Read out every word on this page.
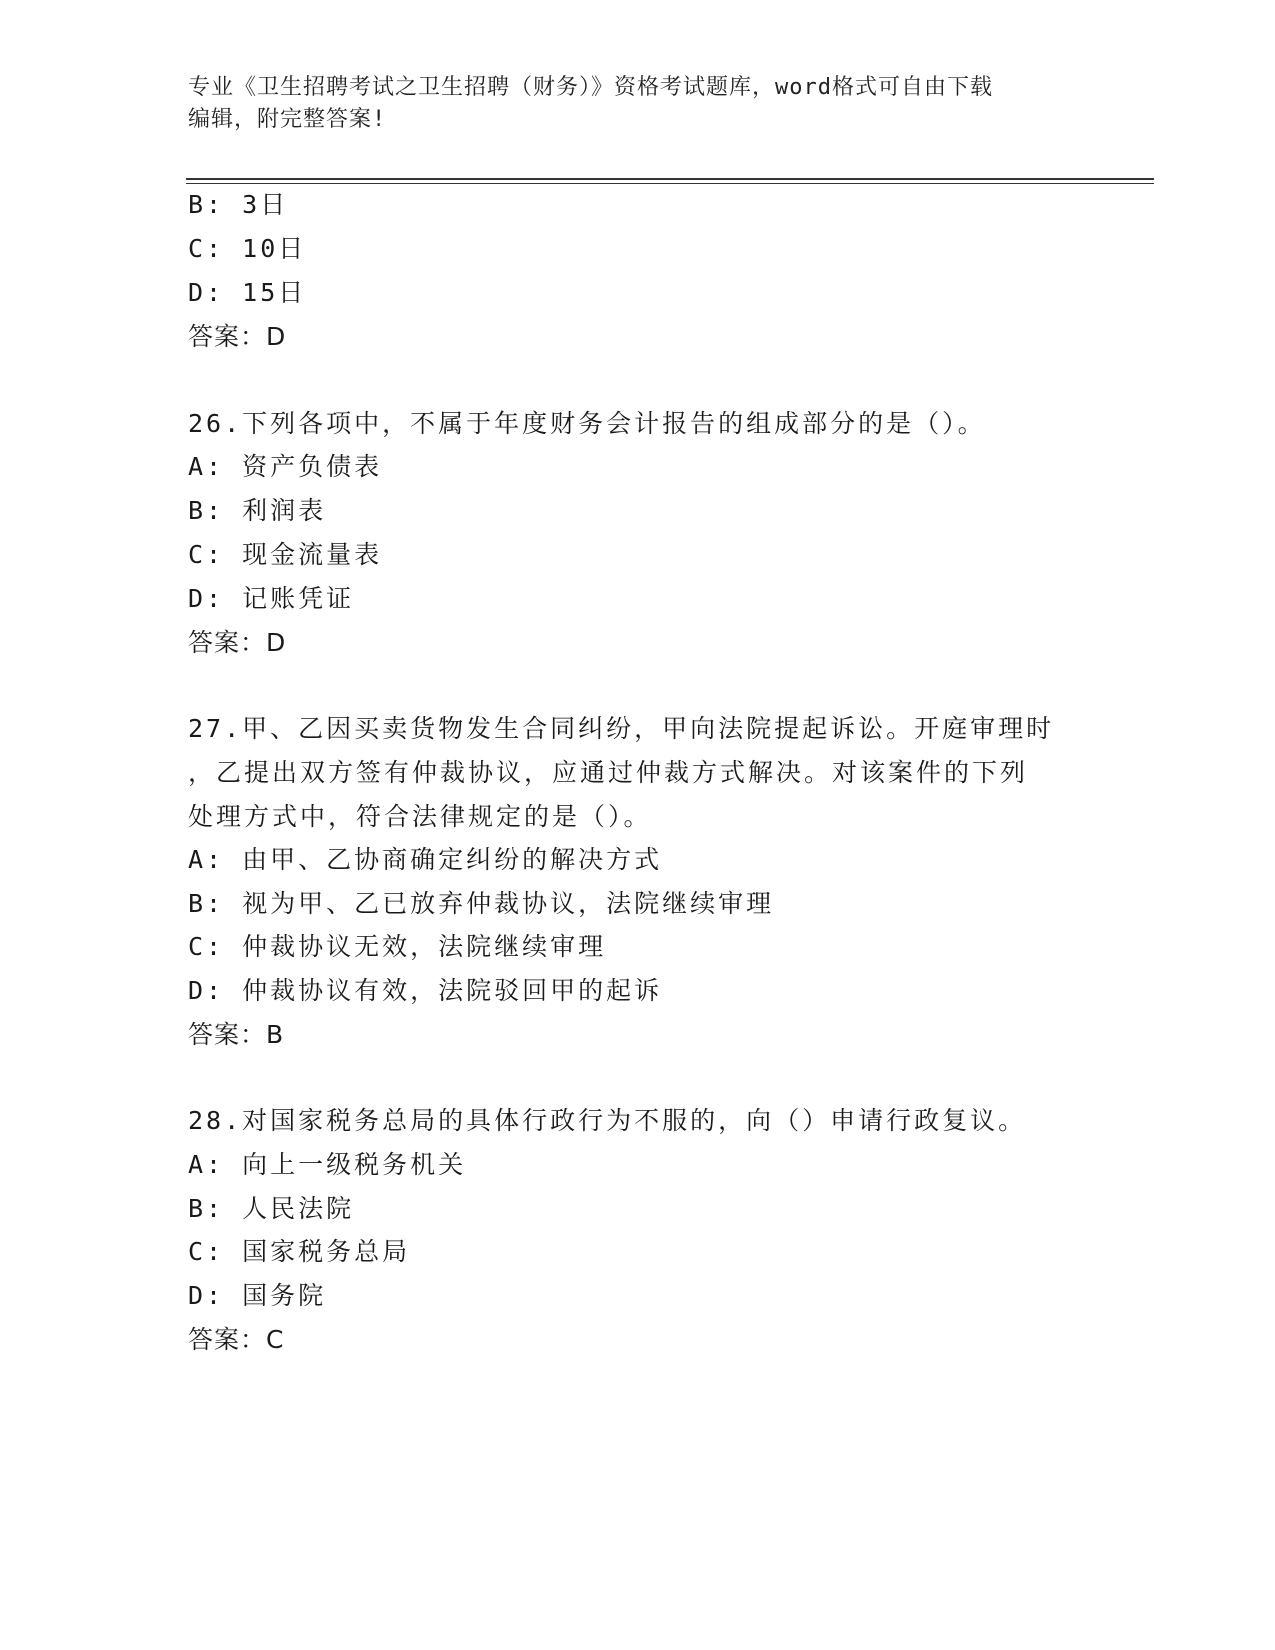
专业《卫生招聘考试之卫生招聘（财务）》资格考试题库，word格式可自由下载
编辑，附完整答案!
B: 3日
C: 10日
D: 15日
答案：D
26.下列各项中，不属于年度财务会计报告的组成部分的是（）。
A: 资产负债表
B: 利润表
C: 现金流量表
D: 记账凭证
答案：D
27.甲、乙因买卖货物发生合同纠纷，甲向法院提起诉讼。开庭审理时
，乙提出双方签有仲裁协议，应通过仲裁方式解决。对该案件的下列
处理方式中，符合法律规定的是（）。
A: 由甲、乙协商确定纠纷的解决方式
B: 视为甲、乙已放弃仲裁协议，法院继续审理
C: 仲裁协议无效，法院继续审理
D: 仲裁协议有效，法院驳回甲的起诉
答案：B
28.对国家税务总局的具体行政行为不服的，向（）申请行政复议。
A: 向上一级税务机关
B: 人民法院
C: 国家税务总局
D: 国务院
答案：C
